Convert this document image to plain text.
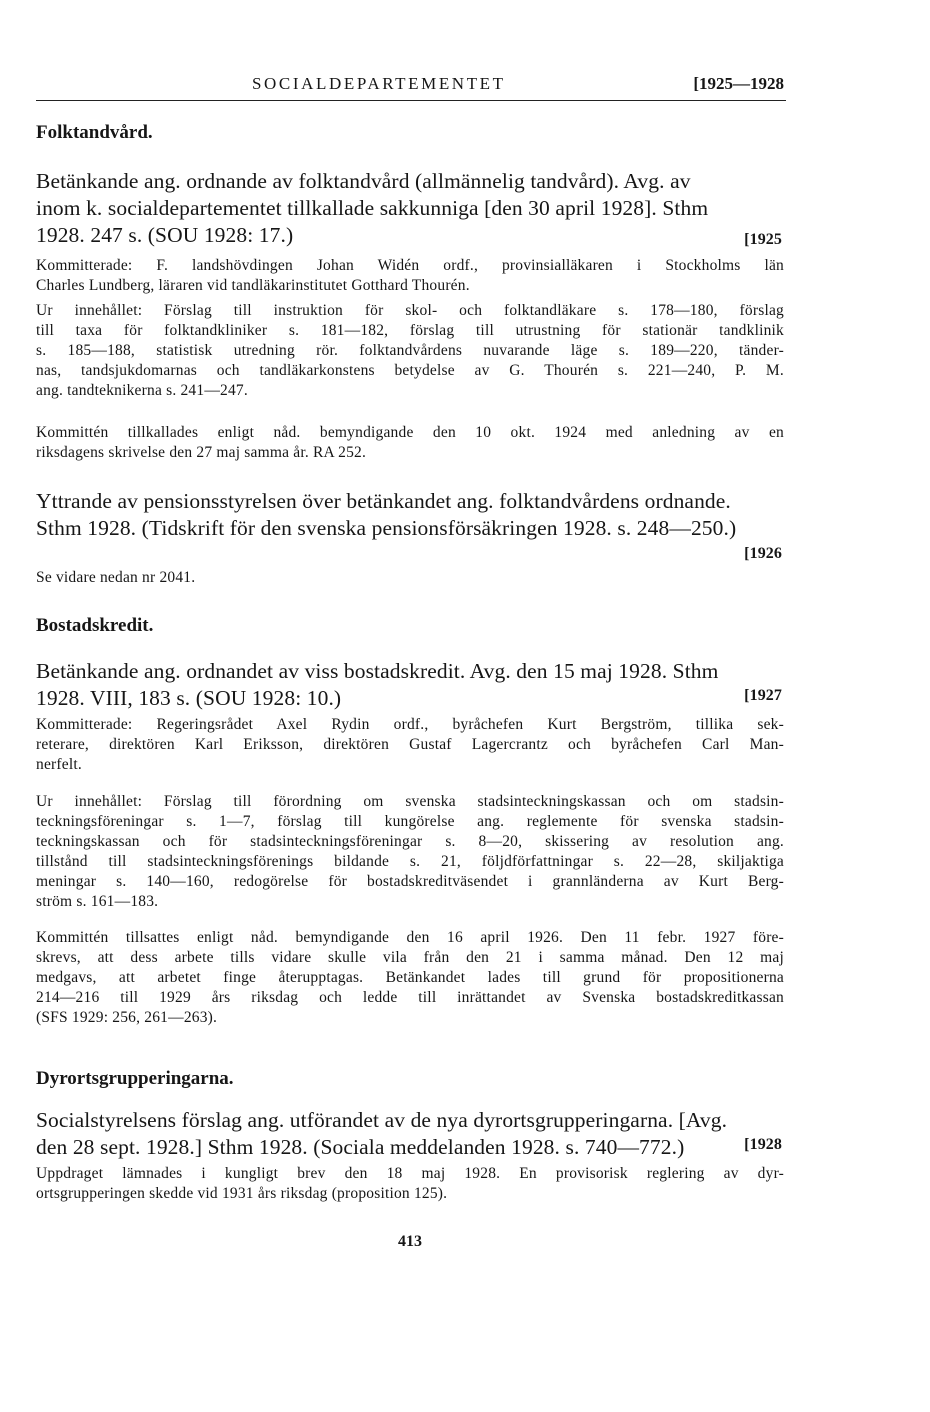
SOCIALDEPARTEMENTET	[1925—1928
Folktandvård.
Betänkande ang. ordnande av folktandvård (allmännelig tandvård). Avg. av
inom k. socialdepartementet tillkallade sakkunniga [den 30 april 1928]. Sthm
1928. 247 s. (SOU 1928: 17.)	[1925
Kommitterade: F. landshövdingen Johan Widén ordf., provinsialläkaren i Stockholms län
Charles Lundberg, läraren vid tandläkarinstitutet Gotthard Thourén.
Ur innehållet: Förslag till instruktion för skol- och folktandläkare s. 178—180, förslag
till taxa för folktandkliniker s. 181—182, förslag till utrustning för stationär tandklinik
s. 185—188, statistisk utredning rör. folktandvårdens nuvarande läge s. 189—220, tänder-
nas, tandsjukdomarnas och tandläkarkonstens betydelse av G. Thourén s. 221—240, P. M.
ang. tandteknikerna s. 241—247.
Kommittén tillkallades enligt nåd. bemyndigande den 10 okt. 1924 med anledning av en
riksdagens skrivelse den 27 maj samma år. RA 252.
Yttrande av pensionsstyrelsen över betänkandet ang. folktandvårdens ordnande.
Sthm 1928. (Tidskrift för den svenska pensionsförsäkringen 1928. s. 248—250.)
[1926
Se vidare nedan nr 2041.
Bostadskredit.
Betänkande ang. ordnandet av viss bostadskredit. Avg. den 15 maj 1928. Sthm
1928. VIII, 183 s. (SOU 1928: 10.)	[1927
Kommitterade: Regeringsrådet Axel Rydin ordf., byråchefen Kurt Bergström, tillika sek-
reterare, direktören Karl Eriksson, direktören Gustaf Lagercrantz och byråchefen Carl Man-
nerfelt.
Ur innehållet: Förslag till förordning om svenska stadsinteckningskassan och om stadsin-
teckningsföreningar s. 1—7, förslag till kungörelse ang. reglemente för svenska stadsin-
teckningskassan och för stadsinteckningsföreningar s. 8—20, skissering av resolution ang.
tillstånd till stadsinteckningsförenings bildande s. 21, följdförfattningar s. 22—28, skiljaktiga
meningar s. 140—160, redogörelse för bostadskreditväsendet i grannländerna av Kurt Berg-
ström s. 161—183.
Kommittén tillsattes enligt nåd. bemyndigande den 16 april 1926. Den 11 febr. 1927 före-
skrevs, att dess arbete tills vidare skulle vila från den 21 i samma månad. Den 12 maj
medgavs, att arbetet finge återupptagas. Betänkandet lades till grund för propositionerna
214—216 till 1929 års riksdag och ledde till inrättandet av Svenska bostadskreditkassan
(SFS 1929: 256, 261—263).
Dyrortsgrupperingarna.
Socialstyrelsens förslag ang. utförandet av de nya dyrortsgrupperingarna. [Avg.
den 28 sept. 1928.] Sthm 1928. (Sociala meddelanden 1928. s. 740—772.)	[1928
Uppdraget lämnades i kungligt brev den 18 maj 1928. En provisorisk reglering av dyr-
ortsgrupperingen skedde vid 1931 års riksdag (proposition 125).
413
